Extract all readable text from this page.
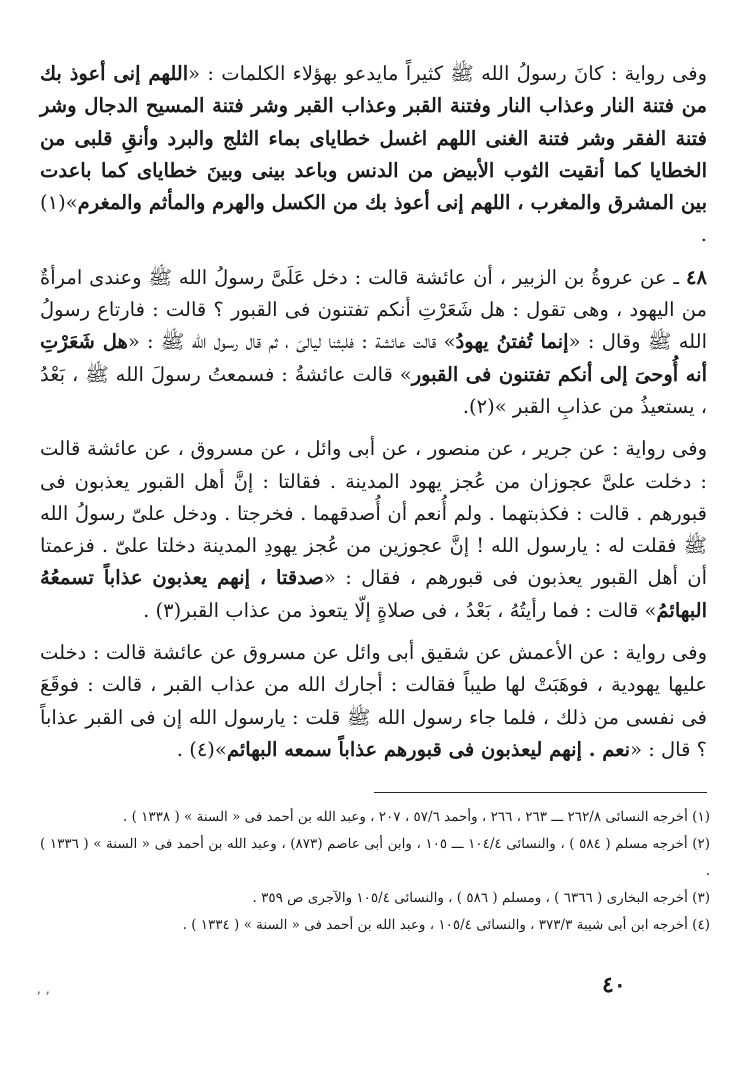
وفى رواية : كانَ رسولُ الله ﷺ كثيراً مايدعو بهؤلاء الكلمات : «اللهم إنى أعوذ بك من فتنة النار وعذاب النار وفتنة القبر وعذاب القبر وشر فتنة المسيح الدجال وشر فتنة الفقر وشر فتنة الغنى اللهم اغسل خطاياى بماء الثلج والبرد وأنقِ قلبى من الخطايا كما أنقيت الثوب الأبيض من الدنس وباعد بينى وبينَ خطاياى كما باعدت بين المشرق والمغرب ، اللهم إنى أعوذ بك من الكسل والهرم والمأثم والمغرم»(١) .

٤٨ ـ عن عروةُ بن الزبير ، أن عائشة قالت : دخل عَلَىَّ رسولُ الله ﷺ وعندى امرأةٌ من اليهود ، وهى تقول : هل شَعَرْتِ أنكم تفتنون فى القبور ؟ قالت : فارتاع رسولُ الله ﷺ وقال : «إنما تُفتنُ يهودُ» قالت عائشة : فلبثنا ليالىَ ، ثم قال رسول الله ﷺ : «هل شَعَرْتِ أنه أُوحىَ إلى أنكم تفتنون فى القبور» قالت عائشةُ : فسمعتُ رسولَ الله ﷺ ، بَعْدُ ، يستعيذُ من عذابِ القبر »(٢).

وفى رواية : عن جرير ، عن منصور ، عن أبى وائل ، عن مسروق ، عن عائشة قالت : دخلت علىَّ عجوزان من عُجز يهود المدينة . فقالتا : إنَّ أهل القبور يعذبون فى قبورهم . قالت : فكذبتهما . ولم أُنعم أن أُصدقهما . فخرجتا . ودخل علىّ رسولُ الله ﷺ فقلت له : يارسول الله ! إنَّ عجوزين من عُجز يهودِ المدينة دخلتا علىّ . فزعمتا أن أهل القبور يعذبون فى قبورهم ، فقال : «صدقتا ، إنهم يعذبون عذاباً تسمعُهُ البهائمُ» قالت : فما رأيتُهُ ، بَعْدُ ، فى صلاةٍ إلّا يتعوذ من عذاب القبر(٣) .

وفى رواية : عن الأعمش عن شقيق أبى وائل عن مسروق عن عائشة قالت : دخلت عليها يهودية ، فوهَبَتْ لها طيباً فقالت : أجارك الله من عذاب القبر ، قالت : فوقَعَ فى نفسى من ذلك ، فلما جاء رسول الله ﷺ قلت : يارسول الله إن فى القبر عذاباً ؟ قال : «نعم . إنهم ليعذبون فى قبورهم عذاباً سمعه البهائم»(٤) .

(١) أخرجه النسائى ٢٦٢/٨ ـــ ٢٦٣ ، ٢٦٦ ، وأحمد ٥٧/٦ ، ٢٠٧ ، وعبد الله بن أحمد فى « السنة » ( ١٣٣٨ ) .

(٢) أخرجه مسلم ( ٥٨٤ ) ، والنسائى ١٠٤/٤ ـــ ١٠٥ ، وابن أبى عاصم (٨٧٣) ، وعبد الله بن أحمد فى « السنة » ( ١٣٣٦ ) .

(٣) أخرجه البخارى ( ٦٣٦٦ ) ، ومسلم ( ٥٨٦ ) ، والنسائى ١٠٥/٤ والآجرى ص ٣٥٩ .

(٤) أخرجه ابن أبى شيبة ٣٧٣/٣ ، والنسائى ١٠٥/٤ ، وعبد الله بن أحمد فى « السنة » ( ١٣٣٤ ) .

٤٠
ʼ ʼ
